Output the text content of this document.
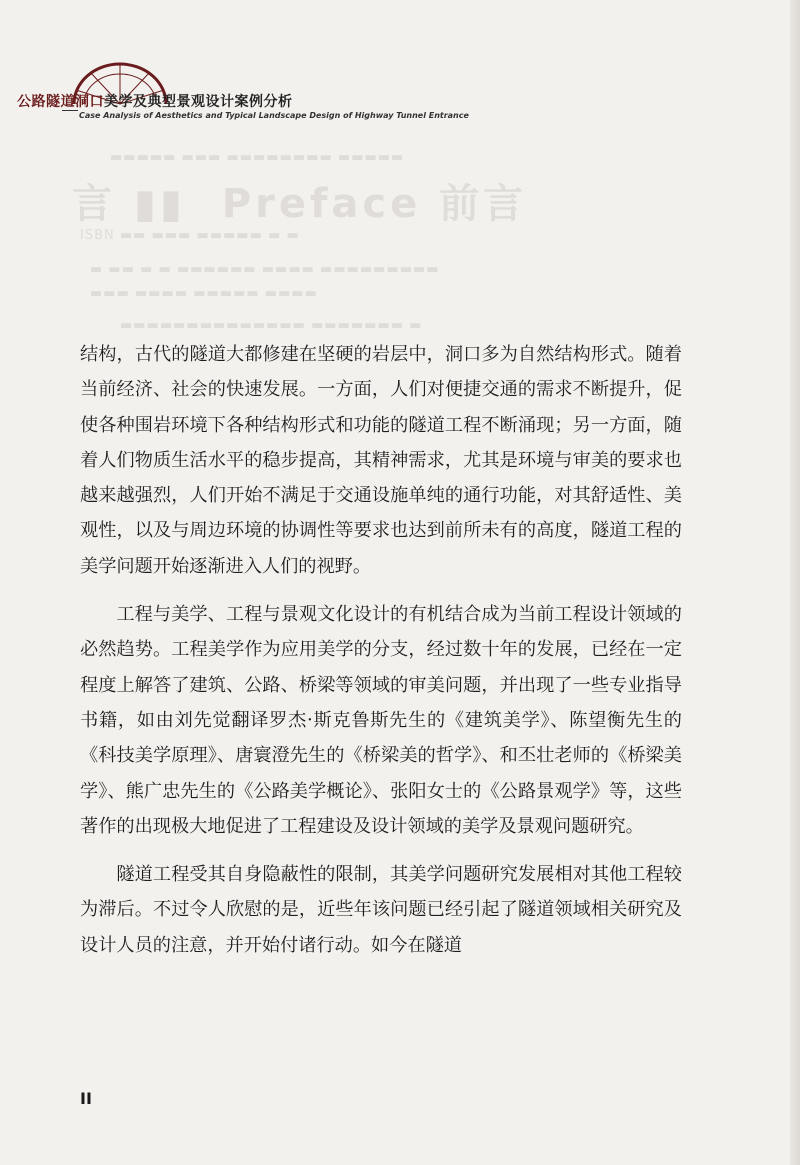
言 ▮▮  Preface 前言
▬▬▬▬▬ ▬▬▬ ▬▬▬▬▬▬▬▬ ▬▬▬▬▬
ISBN ▬▬ ▬▬▬ ▬▬▬▬▬ ▬ ▬
▬ ▬▬ ▬ ▬ ▬▬▬▬▬▬ ▬▬▬▬ ▬▬▬▬▬▬▬▬▬
▬▬▬ ▬▬▬▬ ▬▬▬▬▬ ▬▬▬▬
▬▬▬▬▬▬▬▬▬▬▬▬▬▬ ▬▬▬▬▬▬▬ ▬
公路隧道洞口美学及典型景观设计案例分析
Case Analysis of Aesthetics and Typical Landscape Design of Highway Tunnel Entrance

结构，古代的隧道大都修建在坚硬的岩层中，洞口多为自然结构形式。随着当前经济、社会的快速发展。一方面，人们对便捷交通的需求不断提升，促使各种围岩环境下各种结构形式和功能的隧道工程不断涌现；另一方面，随着人们物质生活水平的稳步提高，其精神需求，尤其是环境与审美的要求也越来越强烈，人们开始不满足于交通设施单纯的通行功能，对其舒适性、美观性，以及与周边环境的协调性等要求也达到前所未有的高度，隧道工程的美学问题开始逐渐进入人们的视野。

工程与美学、工程与景观文化设计的有机结合成为当前工程设计领域的必然趋势。工程美学作为应用美学的分支，经过数十年的发展，已经在一定程度上解答了建筑、公路、桥梁等领域的审美问题，并出现了一些专业指导书籍，如由刘先觉翻译罗杰·斯克鲁斯先生的《建筑美学》、陈望衡先生的《科技美学原理》、唐寰澄先生的《桥梁美的哲学》、和丕壮老师的《桥梁美学》、熊广忠先生的《公路美学概论》、张阳女士的《公路景观学》等，这些著作的出现极大地促进了工程建设及设计领域的美学及景观问题研究。

隧道工程受其自身隐蔽性的限制，其美学问题研究发展相对其他工程较为滞后。不过令人欣慰的是，近些年该问题已经引起了隧道领域相关研究及设计人员的注意，并开始付诸行动。如今在隧道

II
